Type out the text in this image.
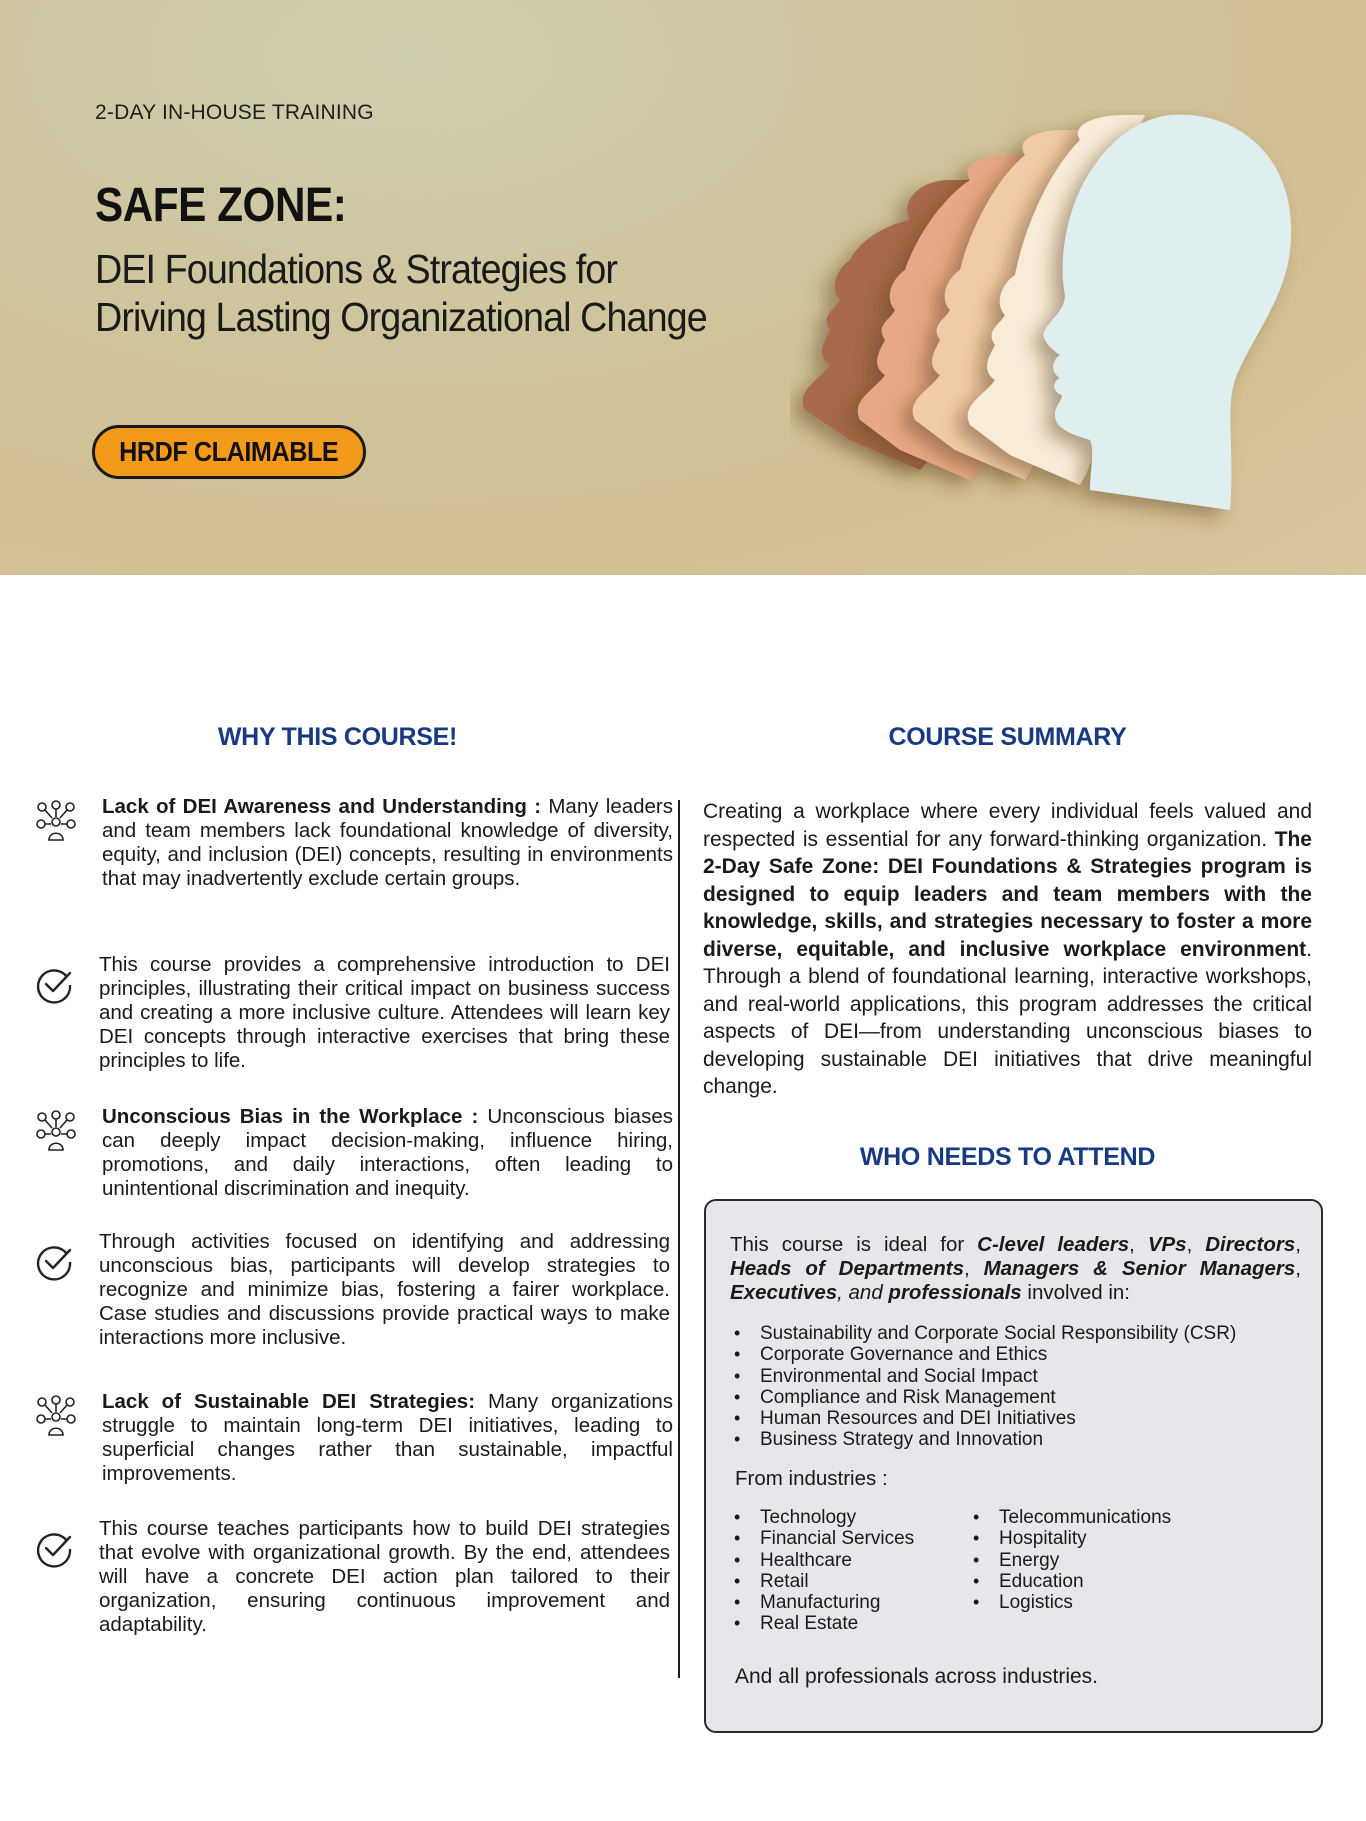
2-DAY IN-HOUSE TRAINING
SAFE ZONE:
DEI Foundations & Strategies for
Driving Lasting Organizational Change
HRDF CLAIMABLE
WHY THIS COURSE!
Lack of DEI Awareness and Understanding : Many leaders and team members lack foundational knowledge of diversity, equity, and inclusion (DEI) concepts, resulting in environments that may inadvertently exclude certain groups.
This course provides a comprehensive introduction to DEI principles, illustrating their critical impact on business success and creating a more inclusive culture. Attendees will learn key DEI concepts through interactive exercises that bring these principles to life.
Unconscious Bias in the Workplace : Unconscious biases can deeply impact decision-making, influence hiring, promotions, and daily interactions, often leading to unintentional discrimination and inequity.
Through activities focused on identifying and addressing unconscious bias, participants will develop strategies to recognize and minimize bias, fostering a fairer workplace. Case studies and discussions provide practical ways to make interactions more inclusive.
Lack of Sustainable DEI Strategies: Many organizations struggle to maintain long-term DEI initiatives, leading to superficial changes rather than sustainable, impactful improvements.
This course teaches participants how to build DEI strategies that evolve with organizational growth. By the end, attendees will have a concrete DEI action plan tailored to their organization, ensuring continuous improvement and adaptability.
COURSE SUMMARY

Creating a workplace where every individual feels valued and respected is essential for any forward-thinking organization. The 2-Day Safe Zone: DEI Foundations & Strategies program is designed to equip leaders and team members with the knowledge, skills, and strategies necessary to foster a more diverse, equitable, and inclusive workplace environment. Through a blend of foundational learning, interactive workshops, and real-world applications, this program addresses the critical aspects of DEI—from understanding unconscious biases to developing sustainable DEI initiatives that drive meaningful change.

WHO NEEDS TO ATTEND

This course is ideal for C-level leaders, VPs, Directors, Heads of Departments, Managers & Senior Managers, Executives, and professionals involved in:

• Sustainability and Corporate Social Responsibility (CSR)
• Corporate Governance and Ethics
• Environmental and Social Impact
• Compliance and Risk Management
• Human Resources and DEI Initiatives
• Business Strategy and Innovation
From industries :
• Technology
• Financial Services
• Healthcare
• Retail
• Manufacturing
• Real Estate
• Telecommunications
• Hospitality
• Energy
• Education
• Logistics
And all professionals across industries.
